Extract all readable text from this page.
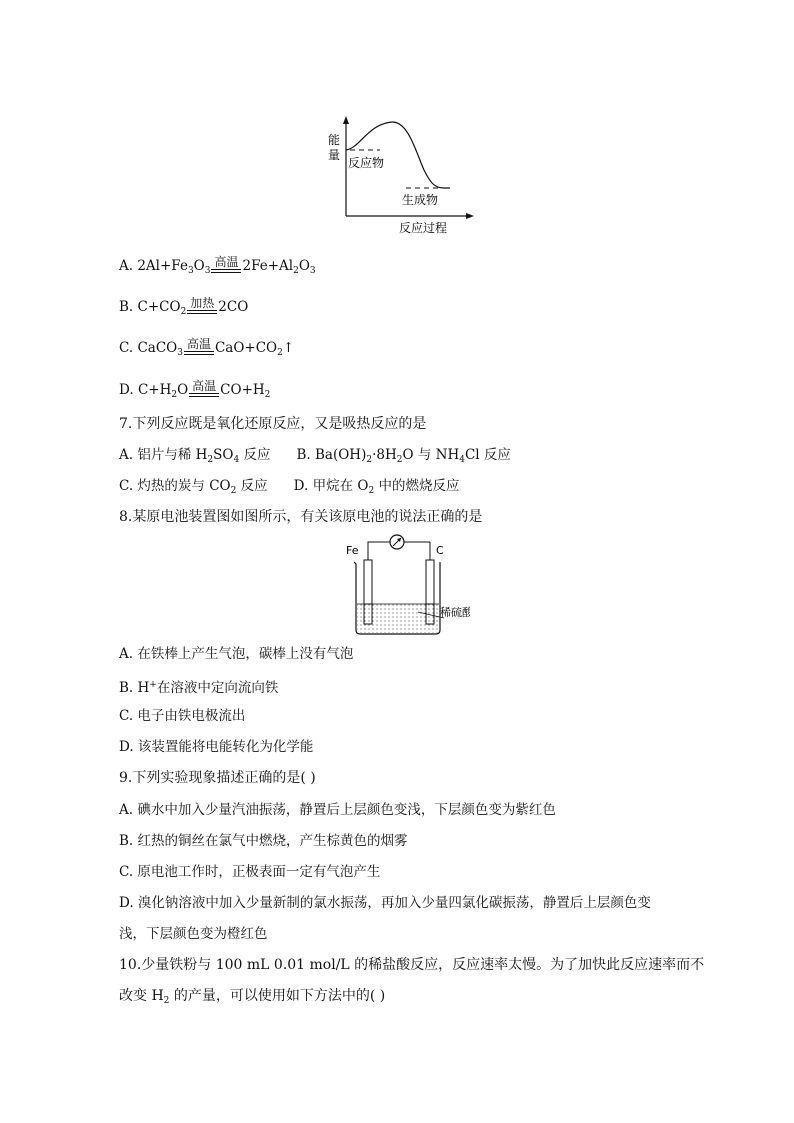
能
量
反应物
生成物
反应过程
A. $2Al+Fe_3O_3$
高温 $2Fe+Al_2O_3$
B. $C+CO_2$
加热 2CO
C. CaCO$_3$
高温 $CaO+CO_2↑$
D. $C+H_2O$ 高温 $CO+H_2$
7.下列反应既是氧化还原反应，又是吸热反应的是
A. 铝片与稀 $H_2SO_4$ 反应 B. $Ba(OH)_2\cdot 8H_2O$ 与 $NH_4Cl$ 反应
C. 灼热的炭与 $CO_2$ 反应 D. 甲烷在 $O_2$ 中的燃烧反应
8.某原电池装置图如图所示，有关该原电池的说法正确的是
Fe	C
稀硫酸
A. 在铁棒上产生气泡，碳棒上没有气泡
B. H+在溶液中定向流向铁
C. 电子由铁电极流出
D. 该装置能将电能转化为化学能
9.下列实验现象描述正确的是( )
A. 碘水中加入少量汽油振荡，静置后上层颜色变浅，下层颜色变为紫红色
B. 红热的铜丝在氯气中燃烧，产生棕黄色的烟雾
C. 原电池工作时，正极表面一定有气泡产生
D. 溴化钠溶液中加入少量新制的氯水振荡，再加入少量四氯化碳振荡，静置后上层颜色变
浅，下层颜色变为橙红色
10.少量铁粉与 100 mL 0.01 mol/L 的稀盐酸反应，反应速率太慢。为了加快此反应速率而不
改变 $H_2$ 的产量，可以使用如下方法中的( )
